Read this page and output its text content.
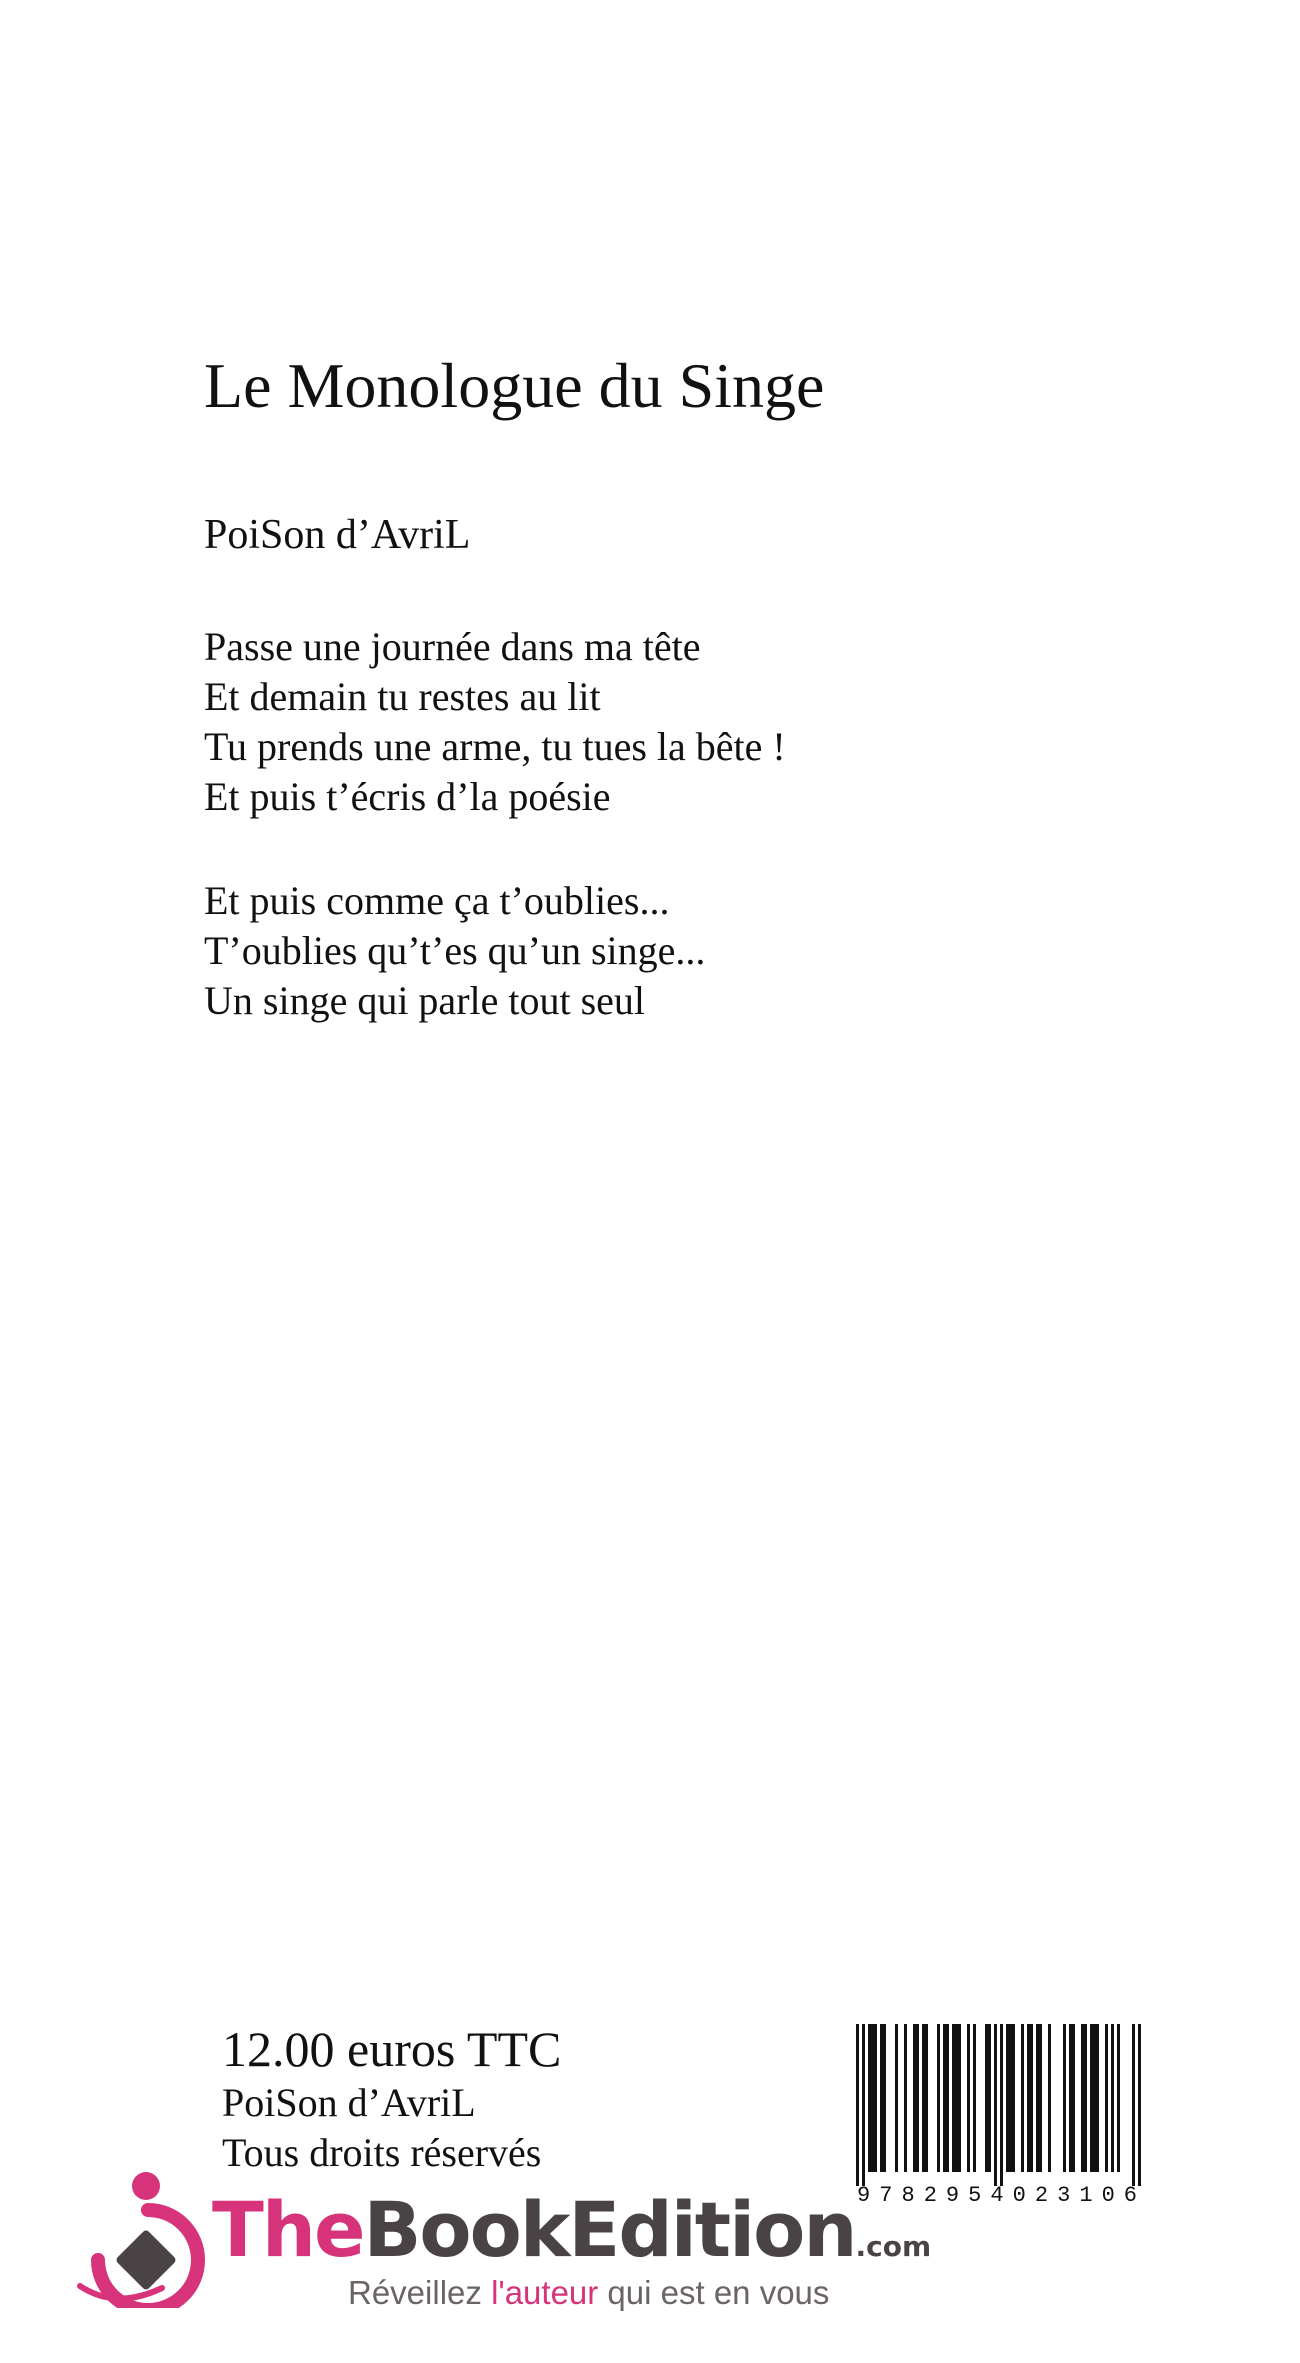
Le Monologue du Singe
PoiSon d’AvriL
Passe une journée dans ma tête
Et demain tu restes au lit
Tu prends une arme, tu tues la bête !
Et puis t’écris d’la poésie
Et puis comme ça t’oublies...
T’oublies qu’t’es qu’un singe...
Un singe qui parle tout seul
12.00 euros TTC
PoiSon d’AvriL
Tous droits réservés
9782954023106
TheBookEdition.com
Réveillez l'auteur qui est en vous
